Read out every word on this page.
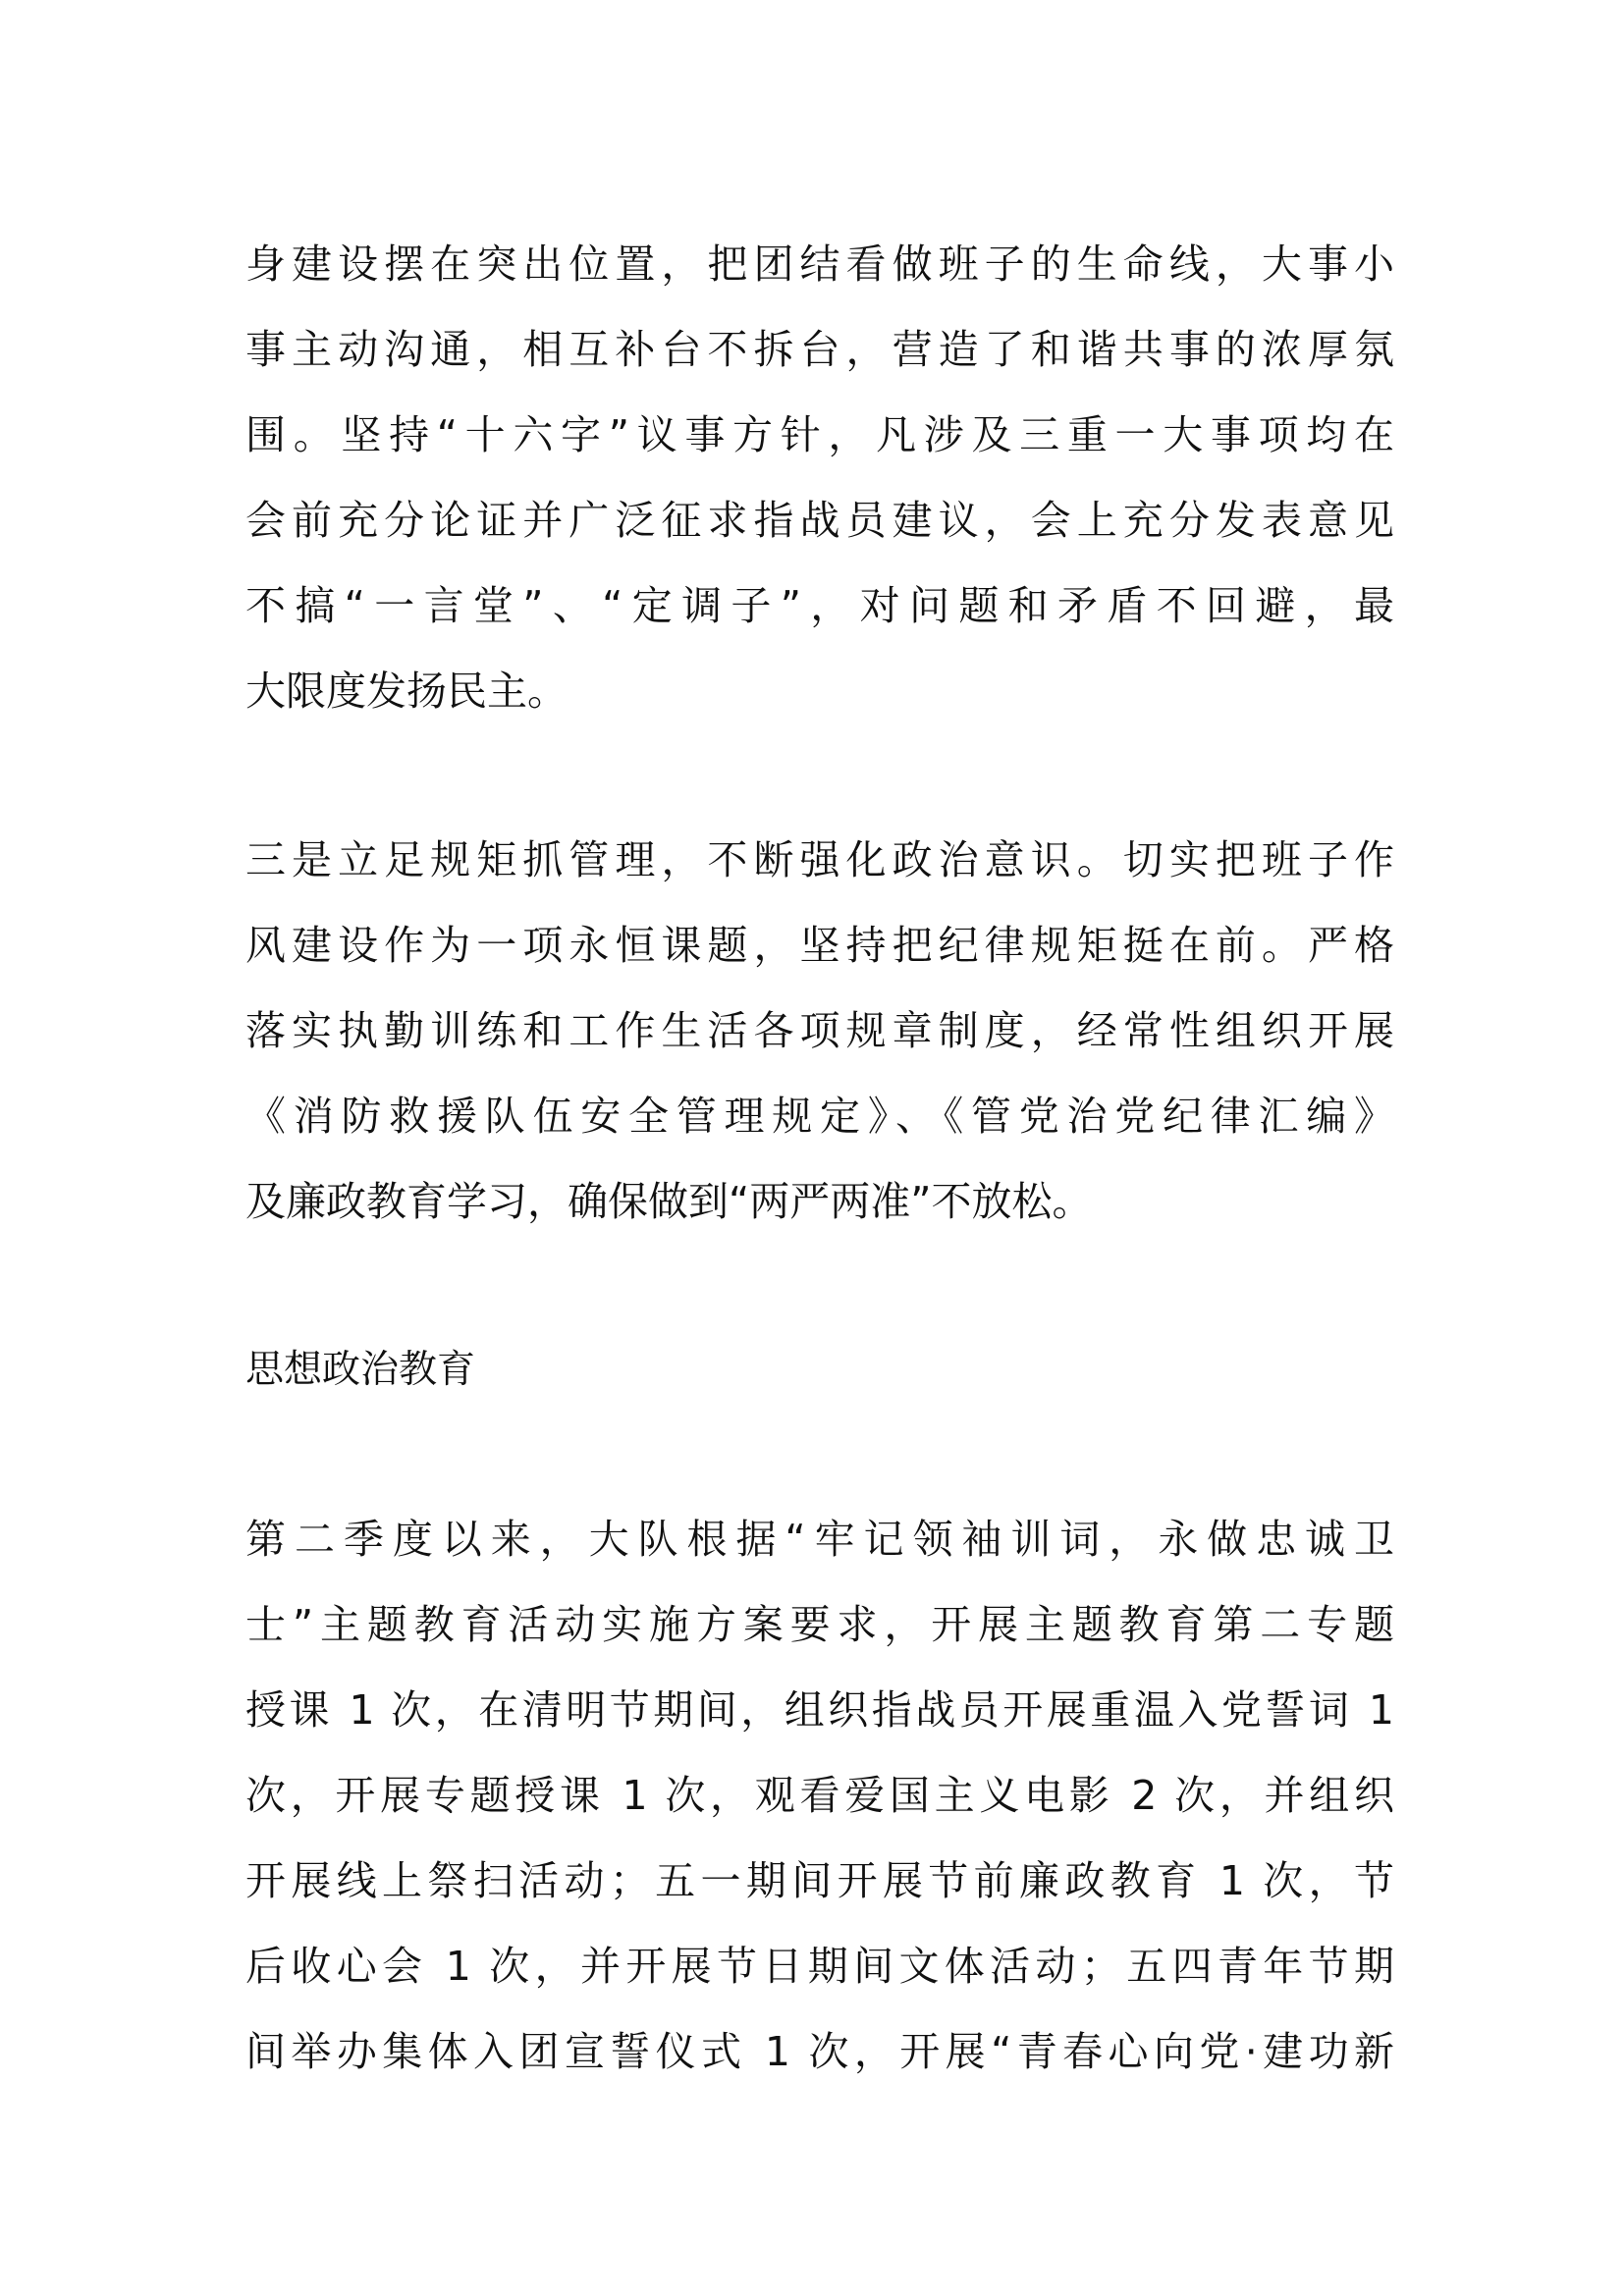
身建设摆在突出位置，把团结看做班子的生命线，大事小
事主动沟通，相互补台不拆台，营造了和谐共事的浓厚氛
围。坚持“十六字”议事方针，凡涉及三重一大事项均在
会前充分论证并广泛征求指战员建议，会上充分发表意见
不搞“一言堂”、“定调子”，对问题和矛盾不回避，最
大限度发扬民主。
三是立足规矩抓管理，不断强化政治意识。切实把班子作
风建设作为一项永恒课题，坚持把纪律规矩挺在前。严格
落实执勤训练和工作生活各项规章制度，经常性组织开展
《消防救援队伍安全管理规定》、《管党治党纪律汇编》
及廉政教育学习，确保做到“两严两准”不放松。
思想政治教育
第二季度以来，大队根据“牢记领袖训词，永做忠诚卫
士”主题教育活动实施方案要求，开展主题教育第二专题
授课 1 次，在清明节期间，组织指战员开展重温入党誓词 1
次，开展专题授课 1 次，观看爱国主义电影 2 次，并组织
开展线上祭扫活动；五一期间开展节前廉政教育 1 次，节
后收心会 1 次，并开展节日期间文体活动；五四青年节期
间举办集体入团宣誓仪式 1 次，开展“青春心向党·建功新
